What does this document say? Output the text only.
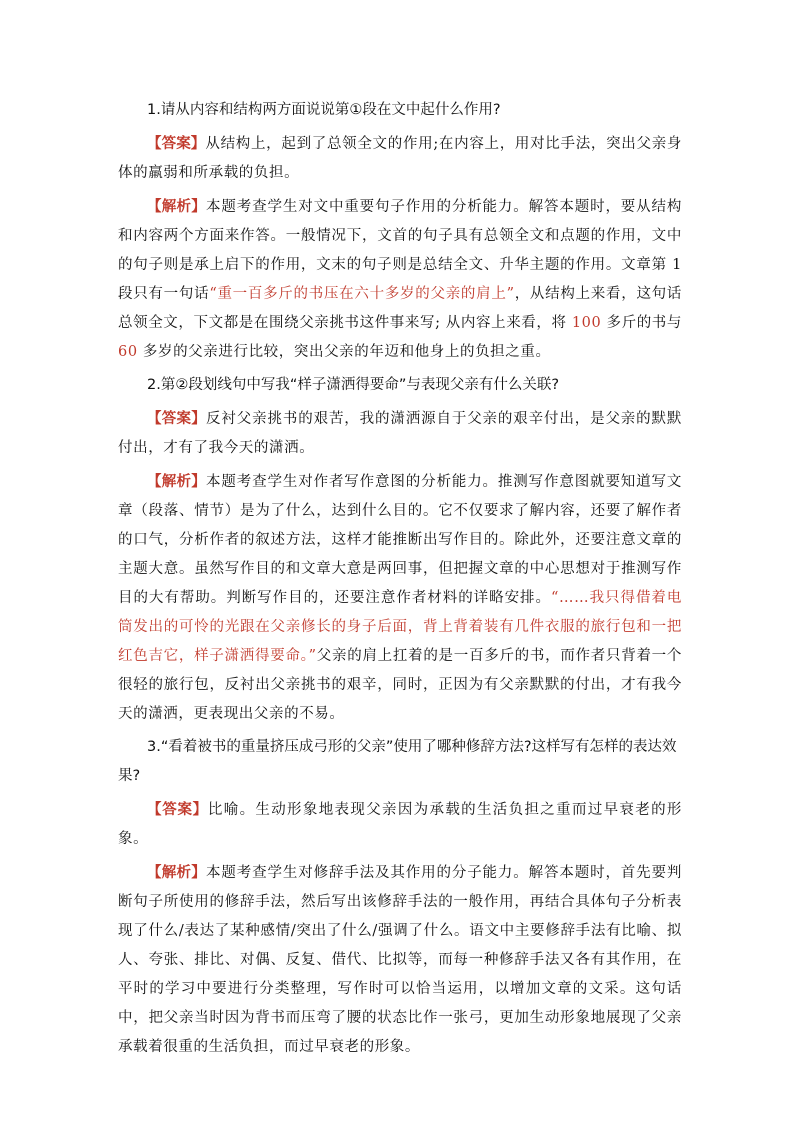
1.请从内容和结构两方面说说第①段在文中起什么作用?
【答案】从结构上，起到了总领全文的作用;在内容上，用对比手法，突出父亲身体的羸弱和所承载的负担。
【解析】本题考查学生对文中重要句子作用的分析能力。解答本题时，要从结构和内容两个方面来作答。一般情况下，文首的句子具有总领全文和点题的作用，文中的句子则是承上启下的作用，文末的句子则是总结全文、升华主题的作用。文章第 1 段只有一句话“重一百多斤的书压在六十多岁的父亲的肩上”，从结构上来看，这句话总领全文，下文都是在围绕父亲挑书这件事来写; 从内容上来看，将 100 多斤的书与 60 多岁的父亲进行比较，突出父亲的年迈和他身上的负担之重。
2.第②段划线句中写我“样子潇洒得要命”与表现父亲有什么关联?
【答案】反衬父亲挑书的艰苦，我的潇洒源自于父亲的艰辛付出，是父亲的默默付出，才有了我今天的潇洒。
【解析】本题考查学生对作者写作意图的分析能力。推测写作意图就要知道写文章（段落、情节）是为了什么，达到什么目的。它不仅要求了解内容，还要了解作者的口气，分析作者的叙述方法，这样才能推断出写作目的。除此外，还要注意文章的主题大意。虽然写作目的和文章大意是两回事，但把握文章的中心思想对于推测写作目的大有帮助。判断写作目的，还要注意作者材料的详略安排。“……我只得借着电筒发出的可怜的光跟在父亲修长的身子后面，背上背着装有几件衣服的旅行包和一把红色吉它，样子潇洒得要命。”父亲的肩上扛着的是一百多斤的书，而作者只背着一个很轻的旅行包，反衬出父亲挑书的艰辛，同时，正因为有父亲默默的付出，才有我今天的潇洒，更表现出父亲的不易。
3.“看着被书的重量挤压成弓形的父亲”使用了哪种修辞方法?这样写有怎样的表达效果?
【答案】比喻。生动形象地表现父亲因为承载的生活负担之重而过早衰老的形象。
【解析】本题考查学生对修辞手法及其作用的分子能力。解答本题时，首先要判断句子所使用的修辞手法，然后写出该修辞手法的一般作用，再结合具体句子分析表现了什么/表达了某种感情/突出了什么/强调了什么。语文中主要修辞手法有比喻、拟人、夸张、排比、对偶、反复、借代、比拟等，而每一种修辞手法又各有其作用，在平时的学习中要进行分类整理，写作时可以恰当运用，以增加文章的文采。这句话中，把父亲当时因为背书而压弯了腰的状态比作一张弓，更加生动形象地展现了父亲承载着很重的生活负担，而过早衰老的形象。
